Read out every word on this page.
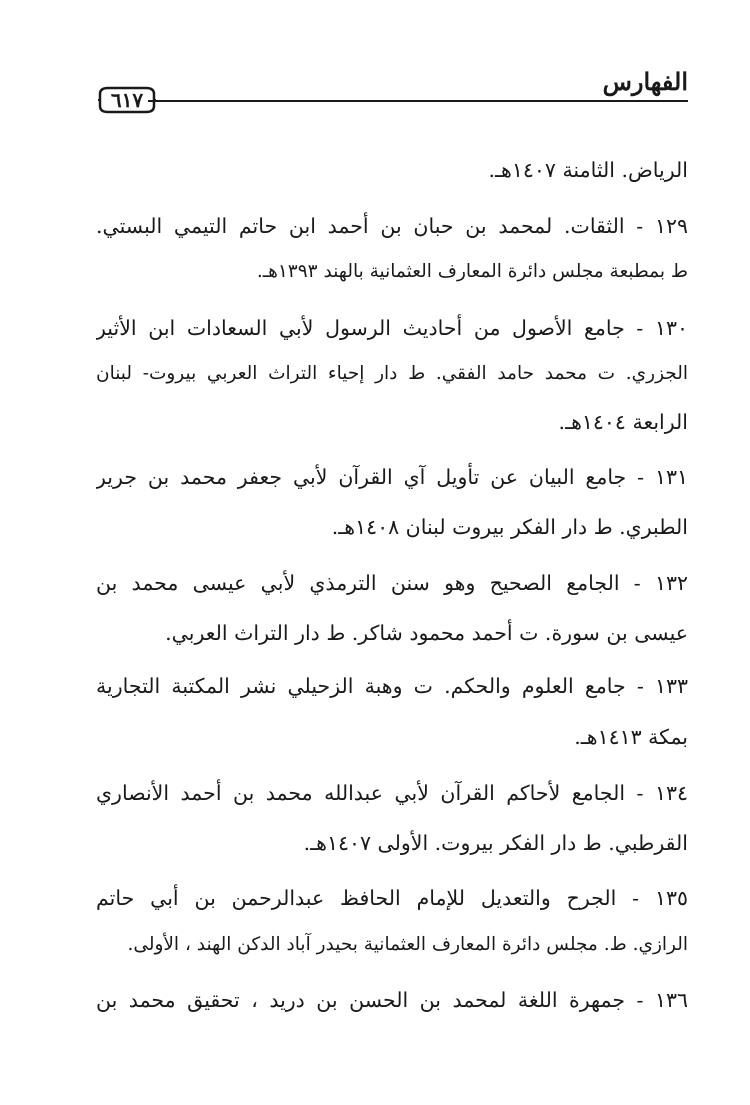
الفهارس
٦١٧
الرياض. الثامنة ١٤٠٧هـ.
١٢٩ - الثقات. لمحمد بن حبان بن أحمد ابن حاتم التيمي البستي.
ط بمطبعة مجلس دائرة المعارف العثمانية بالهند ١٣٩٣هـ.
١٣٠ - جامع الأصول من أحاديث الرسول لأبي السعادات ابن الأثير
الجزري. ت محمد حامد الفقي. ط دار إحياء التراث العربي بيروت- لبنان
الرابعة ١٤٠٤هـ.
١٣١ - جامع البيان عن تأويل آي القرآن لأبي جعفر محمد بن جرير
الطبري. ط دار الفكر بيروت لبنان ١٤٠٨هـ.
١٣٢ - الجامع الصحيح وهو سنن الترمذي لأبي عيسى محمد بن
عيسى بن سورة. ت أحمد محمود شاكر. ط دار التراث العربي.
١٣٣ - جامع العلوم والحكم. ت وهبة الزحيلي نشر المكتبة التجارية
بمكة ١٤١٣هـ.
١٣٤ - الجامع لأحاكم القرآن لأبي عبدالله محمد بن أحمد الأنصاري
القرطبي. ط دار الفكر بيروت. الأولى ١٤٠٧هـ.
١٣٥ - الجرح والتعديل للإمام الحافظ عبدالرحمن بن أبي حاتم
الرازي. ط. مجلس دائرة المعارف العثمانية بحيدر آباد الدكن الهند ، الأولى.
١٣٦ - جمهرة اللغة لمحمد بن الحسن بن دريد ، تحقيق محمد بن
